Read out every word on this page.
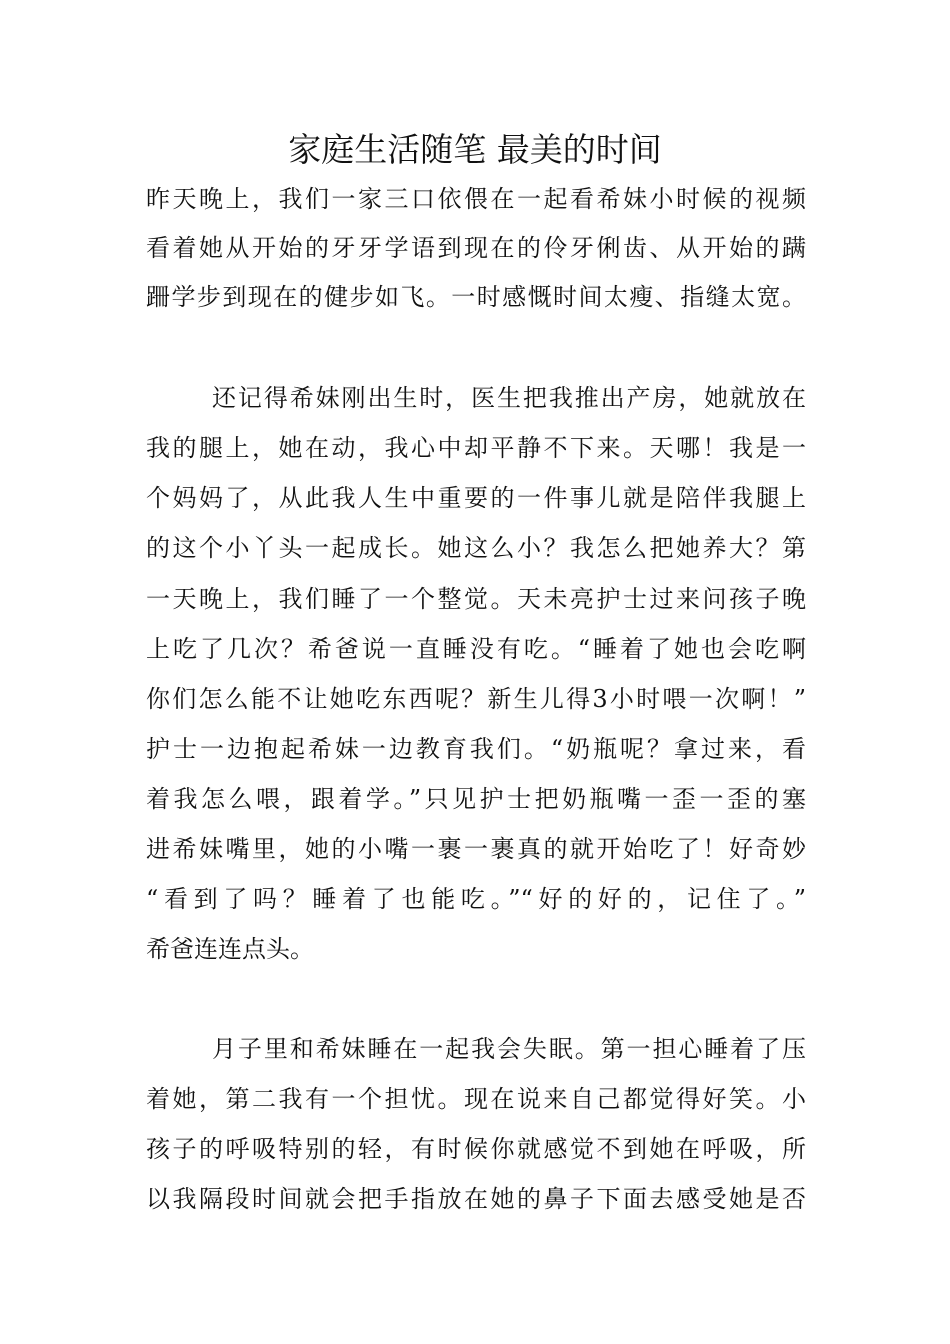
家庭生活随笔 最美的时间

昨天晚上，我们一家三口依偎在一起看希妹小时候的视频

看着她从开始的牙牙学语到现在的伶牙俐齿、从开始的蹒

跚学步到现在的健步如飞。一时感慨时间太瘦、指缝太宽。

还记得希妹刚出生时，医生把我推出产房，她就放在

我的腿上，她在动，我心中却平静不下来。天哪！我是一

个妈妈了，从此我人生中重要的一件事儿就是陪伴我腿上

的这个小丫头一起成长。她这么小？我怎么把她养大？第

一天晚上，我们睡了一个整觉。天未亮护士过来问孩子晚

上吃了几次？希爸说一直睡没有吃。“睡着了她也会吃啊

你们怎么能不让她吃东西呢？新生儿得3小时喂一次啊！”

护士一边抱起希妹一边教育我们。“奶瓶呢？拿过来，看

着我怎么喂，跟着学。”只见护士把奶瓶嘴一歪一歪的塞

进希妹嘴里，她的小嘴一裹一裹真的就开始吃了！好奇妙

“看到了吗？睡着了也能吃。”“好的好的，记住了。”

希爸连连点头。

月子里和希妹睡在一起我会失眠。第一担心睡着了压

着她，第二我有一个担忧。现在说来自己都觉得好笑。小

孩子的呼吸特别的轻，有时候你就感觉不到她在呼吸，所

以我隔段时间就会把手指放在她的鼻子下面去感受她是否
